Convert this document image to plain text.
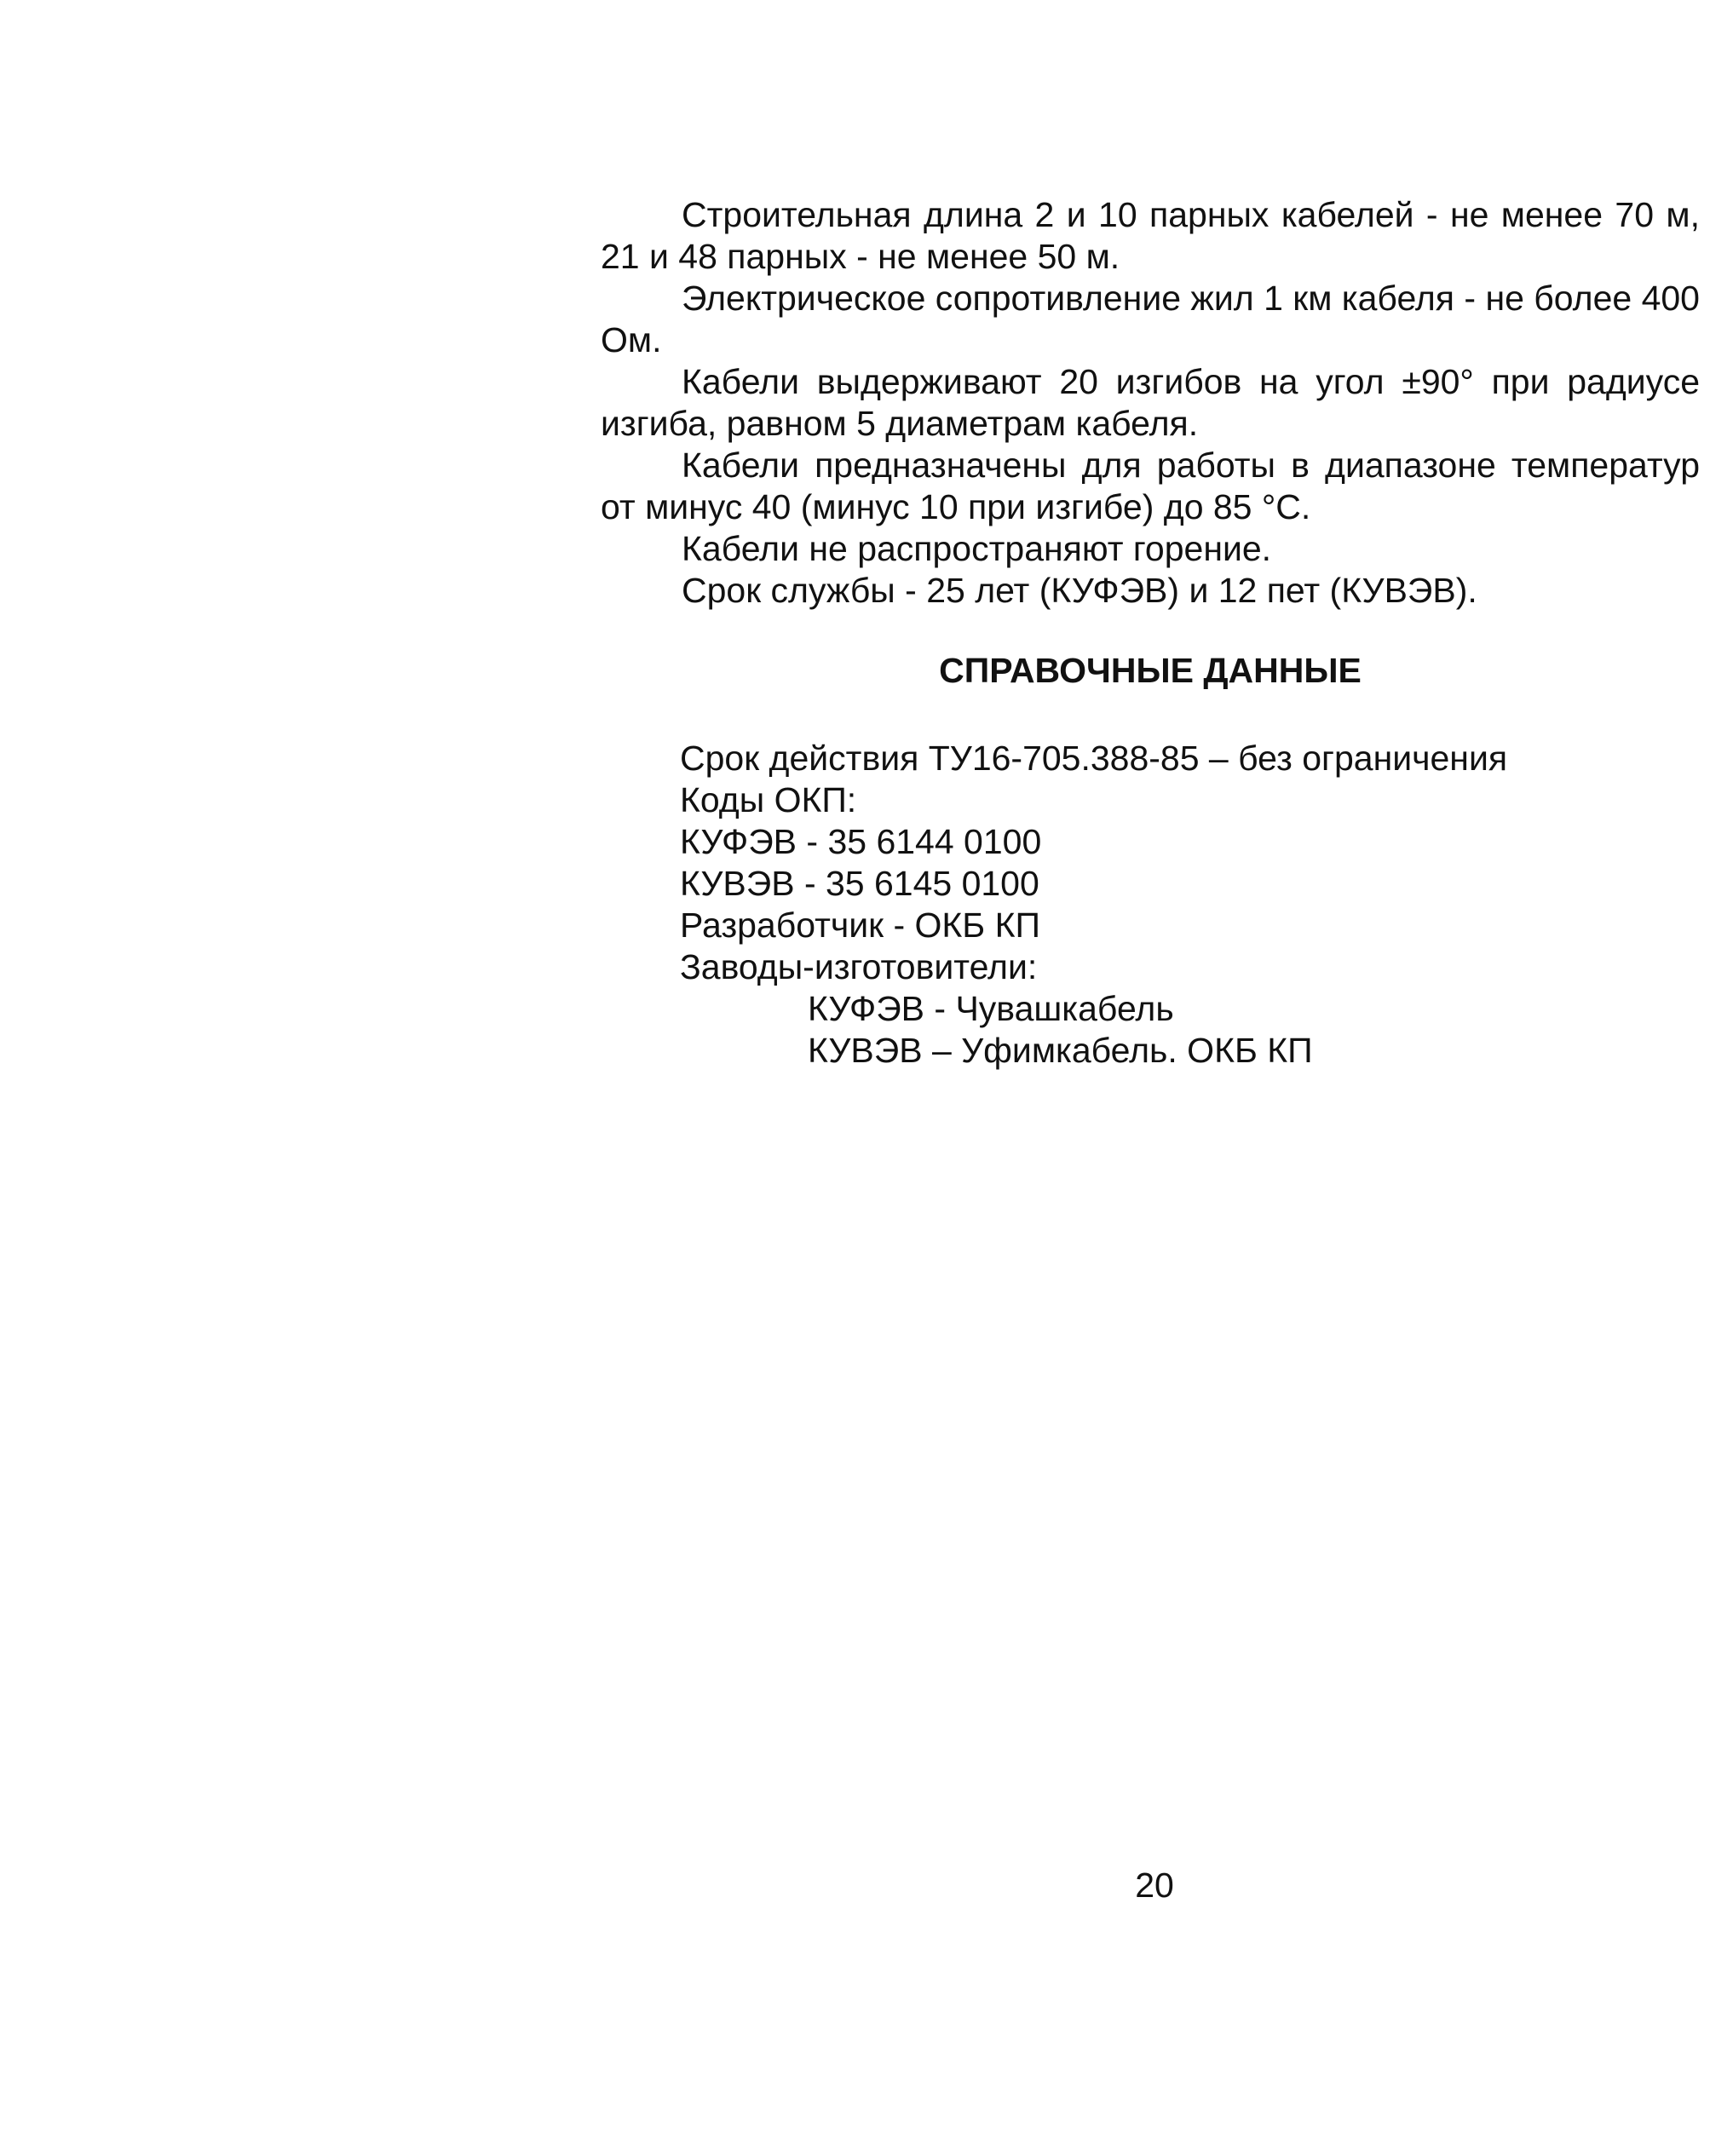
Строительная длина 2 и 10 парных кабелей - не менее 70 м, 21 и 48 парных - не менее 50 м.

Электрическое сопротивление жил 1 км кабеля - не более 400 Ом.

Кабели выдерживают 20 изгибов на угол ±90° при радиусе изгиба, равном 5 диаметрам кабеля.

Кабели предназначены для работы в диапазоне температур от минус 40 (минус 10 при изгибе) до 85 °С.

Кабели не распространяют горение.

Срок службы - 25 лет (КУФЭВ) и 12 пет (КУВЭВ).

СПРАВОЧНЫЕ ДАННЫЕ
Срок действия ТУ16-705.388-85 – без ограничения
Коды ОКП:
КУФЭВ - 35 6144 0100
КУВЭВ - 35 6145 0100
Разработчик - ОКБ КП
Заводы-изготовители:
КУФЭВ - Чувашкабель
КУВЭВ – Уфимкабель. ОКБ КП
20
